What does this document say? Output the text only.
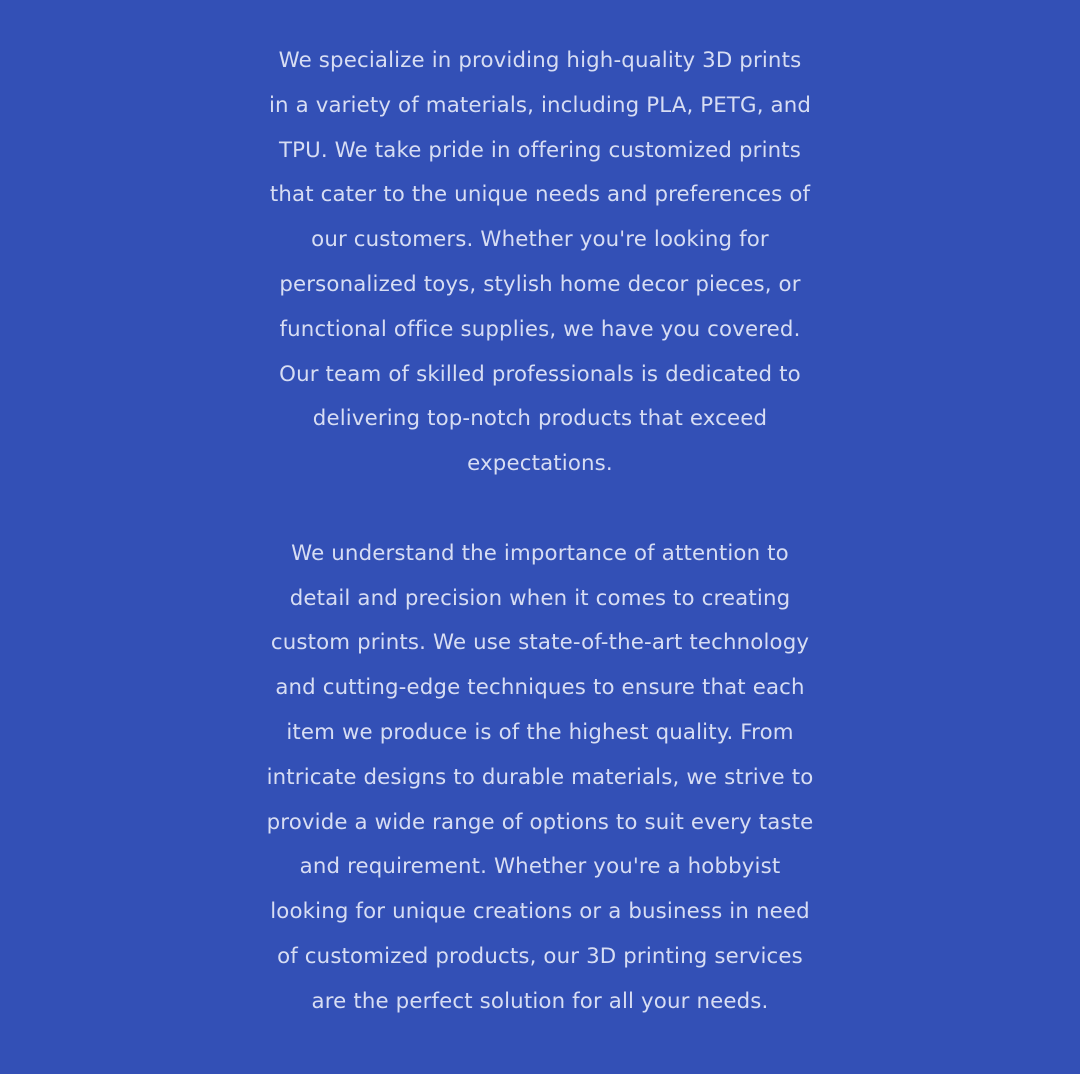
We specialize in providing high-quality 3D prints
in a variety of materials, including PLA, PETG, and
TPU. We take pride in offering customized prints
that cater to the unique needs and preferences of
our customers. Whether you're looking for
personalized toys, stylish home decor pieces, or
functional office supplies, we have you covered.
Our team of skilled professionals is dedicated to
delivering top-notch products that exceed
expectations.

We understand the importance of attention to
detail and precision when it comes to creating
custom prints. We use state-of-the-art technology
and cutting-edge techniques to ensure that each
item we produce is of the highest quality. From
intricate designs to durable materials, we strive to
provide a wide range of options to suit every taste
and requirement. Whether you're a hobbyist
looking for unique creations or a business in need
of customized products, our 3D printing services
are the perfect solution for all your needs.
